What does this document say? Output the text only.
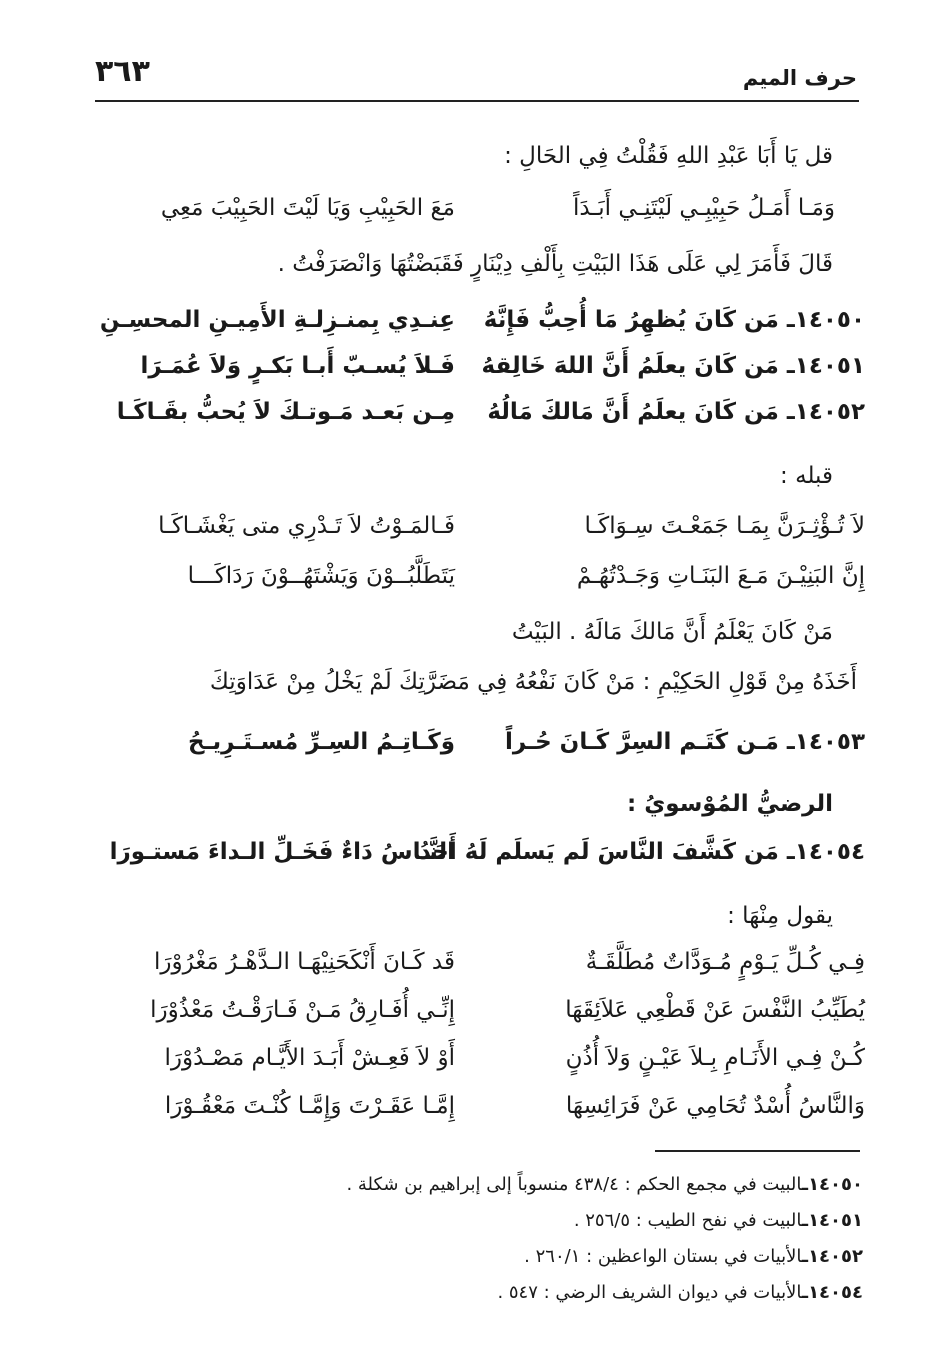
٣٦٣	حرف الميم
قل يَا أَبَا عَبْدِ اللهِ فَقُلْتُ فِي الحَالِ :
وَمَـا أَمَـلُ حَبِيْبِـي لَيْتَنِـي أَبَـدَاً
مَعَ الحَبِيْبِ وَيَا لَيْتَ الحَبِيْبَ مَعِي
قَالَ فَأَمَرَ لِي عَلَى هَذَا البَيْتِ بِأَلْفِ دِيْنَارٍ فَقَبَضْتُهَا وَانْصَرَفْتُ .
١٤٠٥٠ـ مَن كَانَ يُظهِرُ مَا أُحِبُّ فَإِنَّهُ
عِنـدِي بِمنـزِلـةِ الأَمِيـنِ المحسِـنِ
١٤٠٥١ـ مَن كَانَ يعلَمُ أَنَّ اللهَ خَالِقهُ
فَـلاَ يُسـبّ أَبـا بَكـرٍ وَلاَ عُمَـرَا
١٤٠٥٢ـ مَن كَانَ يعلَمُ أَنَّ مَالكَ مَالُهُ
مِـن بَعـد مَـوتـكَ لاَ يُحبُّ بقَـاكَـا
قبله :
لاَ تُـؤْثِـرَنَّ بِمَـا جَمَعْـتَ سِـوَاكَـا
فَـالمَـوْتُ لاَ تَـدْرِي متى يَغْشَـاكَـا
إِنَّ البَنِيْـنَ مَـعَ البَنَـاتِ وَجَـدْتُهُـمْ
يَتَطَلَّبُــوْنَ وَيَشْتَهُــوْنَ رَدَاكَـــا
مَنْ كَانَ يَعْلَمُ أَنَّ مَالكَ مَالَهُ . البَيْتُ
أَخَذَهُ مِنْ قَوْلِ الحَكِيْمِ : مَنْ كَانَ نَفْعُهُ فِي مَضَرَّتِكَ لَمْ يَخْلُ مِنْ عَدَاوَتِكَ
١٤٠٥٣ـ مَـن كَتَـم السِرَّ كَـانَ حُـراً
وَكَـاتِـمُ السِـرِّ مُسـتَـرِيـحُ
الرضيُّ المُوْسويُ :
١٤٠٥٤ـ مَن كَشَّفَ النَّاسَ لَم يَسلَم لَهُ أَحَدُ
النَّـاسُ دَاءٌ فَخَـلِّ الـداءَ مَستـورَا
يقول مِنْهَا :
فِـي كُـلِّ يَـوْمٍ مُـوَدَّاتٌ مُطَلَّقَـةٌ
قَد كَـانَ أَنْكَحَنِيْهَـا الـدَّهْـرُ مَغْرُوْرَا
يُطَيِّبُ النَّفْسَ عَنْ قَطْعِي عَلاَئِقَهَا
إِنِّـي أُفَـارِقُ مَـنْ فَـارَقْـتُ مَعْذُوْرَا
كُـنْ فِـي الأَنَـامِ بِـلاَ عَيْـنٍ وَلاَ أُذُنٍ
أَوْ لاَ فَعِـشْ أَبَـدَ الأَيَّـام مَصْـدُوْرَا
وَالنَّاسُ أُسْدٌ تُحَامِي عَنْ فَرَائِسِهَا
إِمَّـا عَقَـرْتَ وَإِمَّـا كُنْـتَ مَعْقُـوْرَا
١٤٠٥٠ـالبيت في مجمع الحكم : ٤٣٨/٤ منسوباً إلى إبراهيم بن شكلة .
١٤٠٥١ـالبيت في نفح الطيب : ٢٥٦/٥ .
١٤٠٥٢ـالأبيات في بستان الواعظين : ٢٦٠/١ .
١٤٠٥٤ـالأبيات في ديوان الشريف الرضي : ٥٤٧ .
